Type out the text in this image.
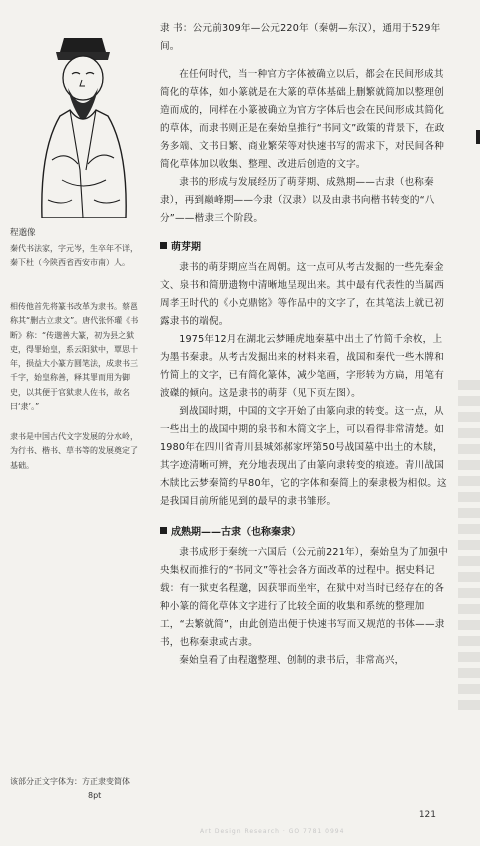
程邈像
秦代书法家，字元岑，生卒年不详，秦下杜（今陕西省西安市南）人。
相传他首先将篆书改革为隶书。蔡邕称其“删古立隶文”。唐代张怀瓘《书断》称：“传邈善大篆，初为县之狱吏，得罪始皇，系云阳狱中，覃思十年，损益大小篆方圆笔法，成隶书三千字，始皇称善，释其罪而用为御史，以其便于官狱隶人佐书，故名曰‘隶’。”
隶书是中国古代文字发展的分水岭，为行书、楷书、草书等的发展奠定了基础。
该部分正文字体为：方正隶变简体
8pt

隶 书：公元前309年—公元220年（秦朝—东汉），通用于529年间。

在任何时代，当一种官方字体被确立以后，都会在民间形成其简化的草体，如小篆就是在大篆的草体基础上删繁就简加以整理创造而成的，同样在小篆被确立为官方字体后也会在民间形成其简化的草体，而隶书则正是在秦始皇推行“书同文”政策的背景下，在政务多端、文书日繁、商业繁荣等对快速书写的需求下，对民间各种简化草体加以收集、整理、改进后创造的文字。

隶书的形成与发展经历了萌芽期、成熟期——古隶（也称秦隶），再到巅峰期——今隶（汉隶）以及由隶书向楷书转变的“八分”——楷隶三个阶段。

萌芽期

隶书的萌芽期应当在周朝。这一点可从考古发掘的一些先秦金文、泉书和简册遗物中清晰地呈现出来。其中最有代表性的当属西周孝王时代的《小克鼎铭》等作品中的文字了，在其笔法上就已初露隶书的端倪。

1975年12月在湖北云梦睡虎地秦墓中出土了竹简千余枚，上为墨书秦隶。从考古发掘出来的材料来看，战国和秦代一些木牌和竹简上的文字，已有简化篆体，减少笔画，字形转为方扁，用笔有波磔的倾向。这是隶书的萌芽（见下页左图）。

到战国时期，中国的文字开始了由篆向隶的转变。这一点，从一些出土的战国中期的泉书和木简文字上，可以看得非常清楚。如1980年在四川省青川县城郊郝家坪第50号战国墓中出土的木牍，其字迹清晰可辨，充分地表现出了由篆向隶转变的痕迹。青川战国木牍比云梦秦简约早80年，它的字体和秦简上的秦隶极为相似。这是我国目前所能见到的最早的隶书雏形。

成熟期——古隶（也称秦隶）

隶书成形于秦统一六国后（公元前221年），秦始皇为了加强中央集权而推行的“书同文”等社会各方面改革的过程中。据史料记载：有一狱吏名程邈，因获罪而坐牢，在狱中对当时已经存在的各种小篆的简化草体文字进行了比较全面的收集和系统的整理加工，“去繁就简”，由此创造出便于快速书写而又规范的书体——隶书，也称秦隶或古隶。

秦始皇看了由程邈整理、创制的隶书后，非常高兴，

121
Art Design Research · GO 7781 0994
